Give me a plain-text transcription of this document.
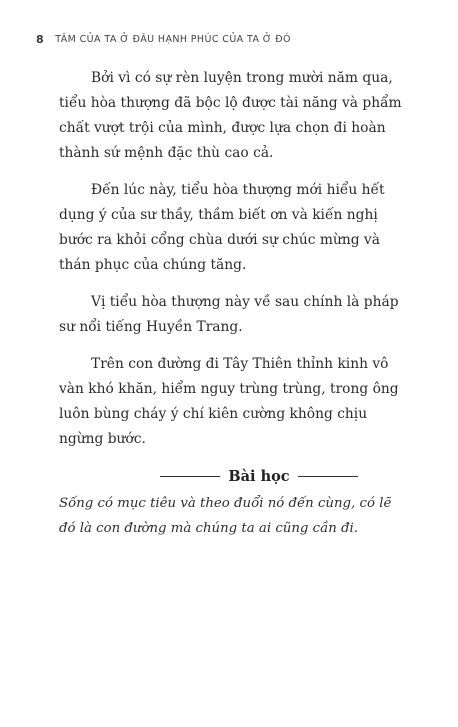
8 TÂM CỦA TA Ở ĐÂU HẠNH PHÚC CỦA TA Ở ĐÓ

Bởi vì có sự rèn luyện trong mười năm qua, tiểu hòa thượng đã bộc lộ được tài năng và phẩm chất vượt trội của mình, được lựa chọn đi hoàn thành sứ mệnh đặc thù cao cả.

Đến lúc này, tiểu hòa thượng mới hiểu hết dụng ý của sư thầy, thầm biết ơn và kiến nghị bước ra khỏi cổng chùa dưới sự chúc mừng và thán phục của chúng tăng.

Vị tiểu hòa thượng này về sau chính là pháp sư nổi tiếng Huyền Trang.

Trên con đường đi Tây Thiên thỉnh kinh vô vàn khó khăn, hiểm nguy trùng trùng, trong ông luôn bùng cháy ý chí kiên cường không chịu ngừng bước.

Bài học
Sống có mục tiêu và theo đuổi nó đến cùng, có lẽ đó là con đường mà chúng ta ai cũng cần đi.
